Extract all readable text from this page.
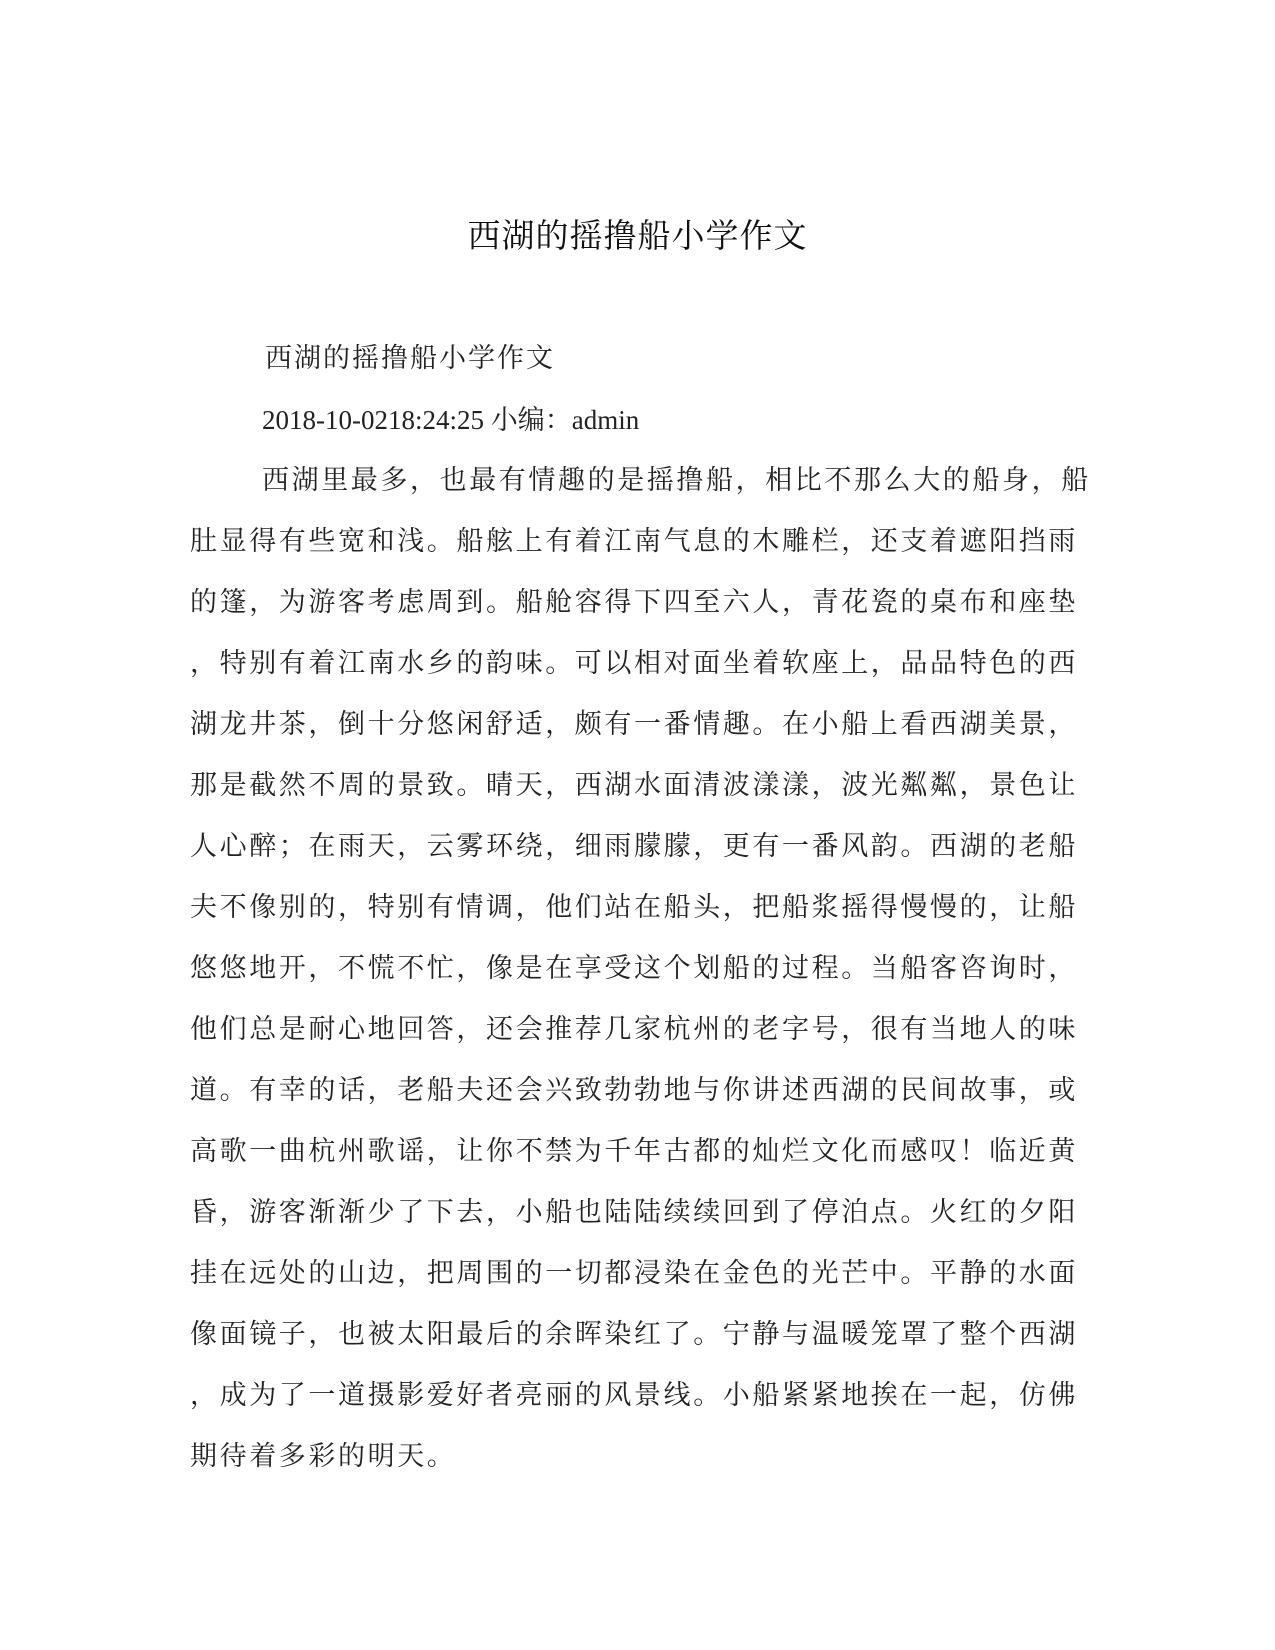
西湖的摇撸船小学作文
西湖的摇撸船小学作文
2018-10-0218:24:25 小编：admin
西湖里最多，也最有情趣的是摇撸船，相比不那么大的船身，船
肚显得有些宽和浅。船舷上有着江南气息的木雕栏，还支着遮阳挡雨
的篷，为游客考虑周到。船舱容得下四至六人，青花瓷的桌布和座垫
，特别有着江南水乡的韵味。可以相对面坐着软座上，品品特色的西
湖龙井茶，倒十分悠闲舒适，颇有一番情趣。在小船上看西湖美景，
那是截然不周的景致。晴天，西湖水面清波漾漾，波光粼粼，景色让
人心醉；在雨天，云雾环绕，细雨朦朦，更有一番风韵。西湖的老船
夫不像别的，特别有情调，他们站在船头，把船浆摇得慢慢的，让船
悠悠地开，不慌不忙，像是在享受这个划船的过程。当船客咨询时，
他们总是耐心地回答，还会推荐几家杭州的老字号，很有当地人的味
道。有幸的话，老船夫还会兴致勃勃地与你讲述西湖的民间故事，或
高歌一曲杭州歌谣，让你不禁为千年古都的灿烂文化而感叹！临近黄
昏，游客渐渐少了下去，小船也陆陆续续回到了停泊点。火红的夕阳
挂在远处的山边，把周围的一切都浸染在金色的光芒中。平静的水面
像面镜子，也被太阳最后的余晖染红了。宁静与温暖笼罩了整个西湖
，成为了一道摄影爱好者亮丽的风景线。小船紧紧地挨在一起，仿佛
期待着多彩的明天。
